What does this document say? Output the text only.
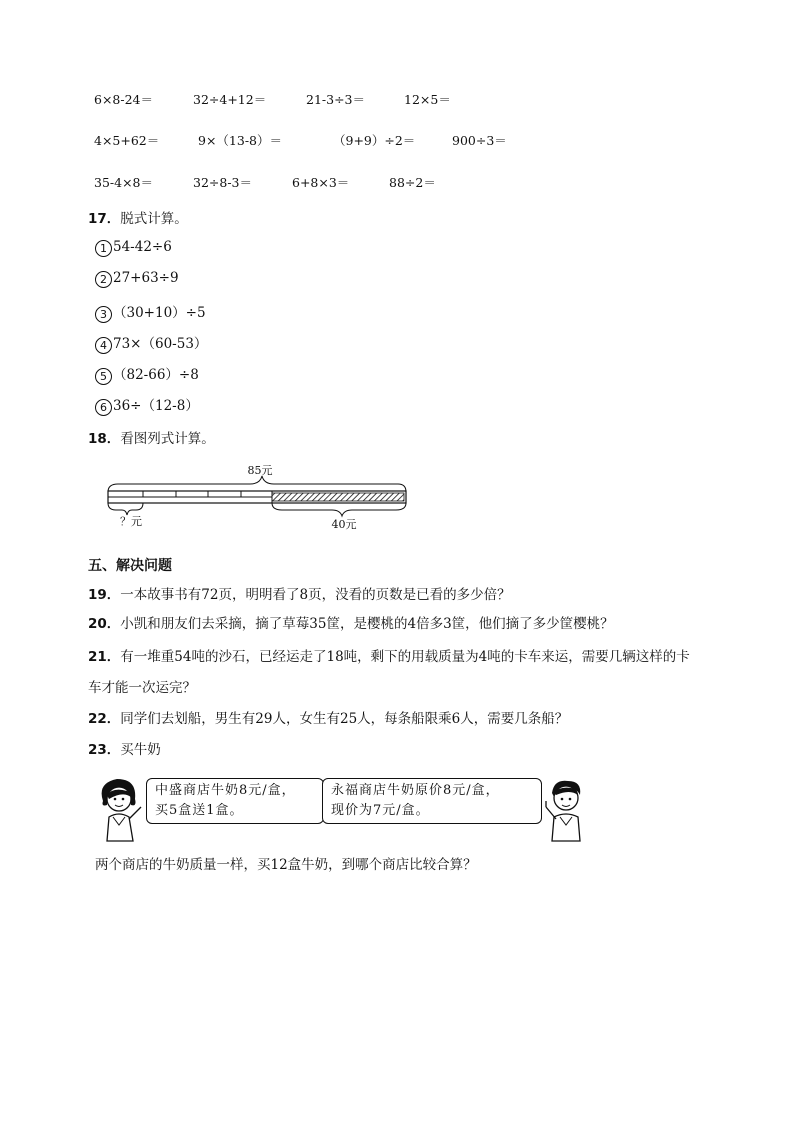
6×8-24＝	32÷4+12＝	21-3÷3＝	12×5＝
4×5+62＝	9×（13-8）＝	（9+9）÷2＝	900÷3＝
35-4×8＝	32÷8-3＝	6+8×3＝	88÷2＝
17．脱式计算。
1 54-42÷6
2 27+63÷9
3 （30+10）÷5
4 73×（60-53）
5 （82-66）÷8
6 36÷（12-8）
18．看图列式计算。
85元
？元	40元
五、解决问题
19．一本故事书有72页，明明看了8页，没看的页数是已看的多少倍？
20．小凯和朋友们去采摘，摘了草莓35筐，是樱桃的4倍多3筐，他们摘了多少筐樱桃？
21．有一堆重54吨的沙石，已经运走了18吨，剩下的用载质量为4吨的卡车来运，需要几辆这样的卡
车才能一次运完？
22．同学们去划船，男生有29人，女生有25人，每条船限乘6人，需要几条船？
23．买牛奶
中盛商店牛奶8元/盒，
买5盒送1盒。
永福商店牛奶原价8元/盒，
现价为7元/盒。
两个商店的牛奶质量一样，买12盒牛奶，到哪个商店比较合算？
